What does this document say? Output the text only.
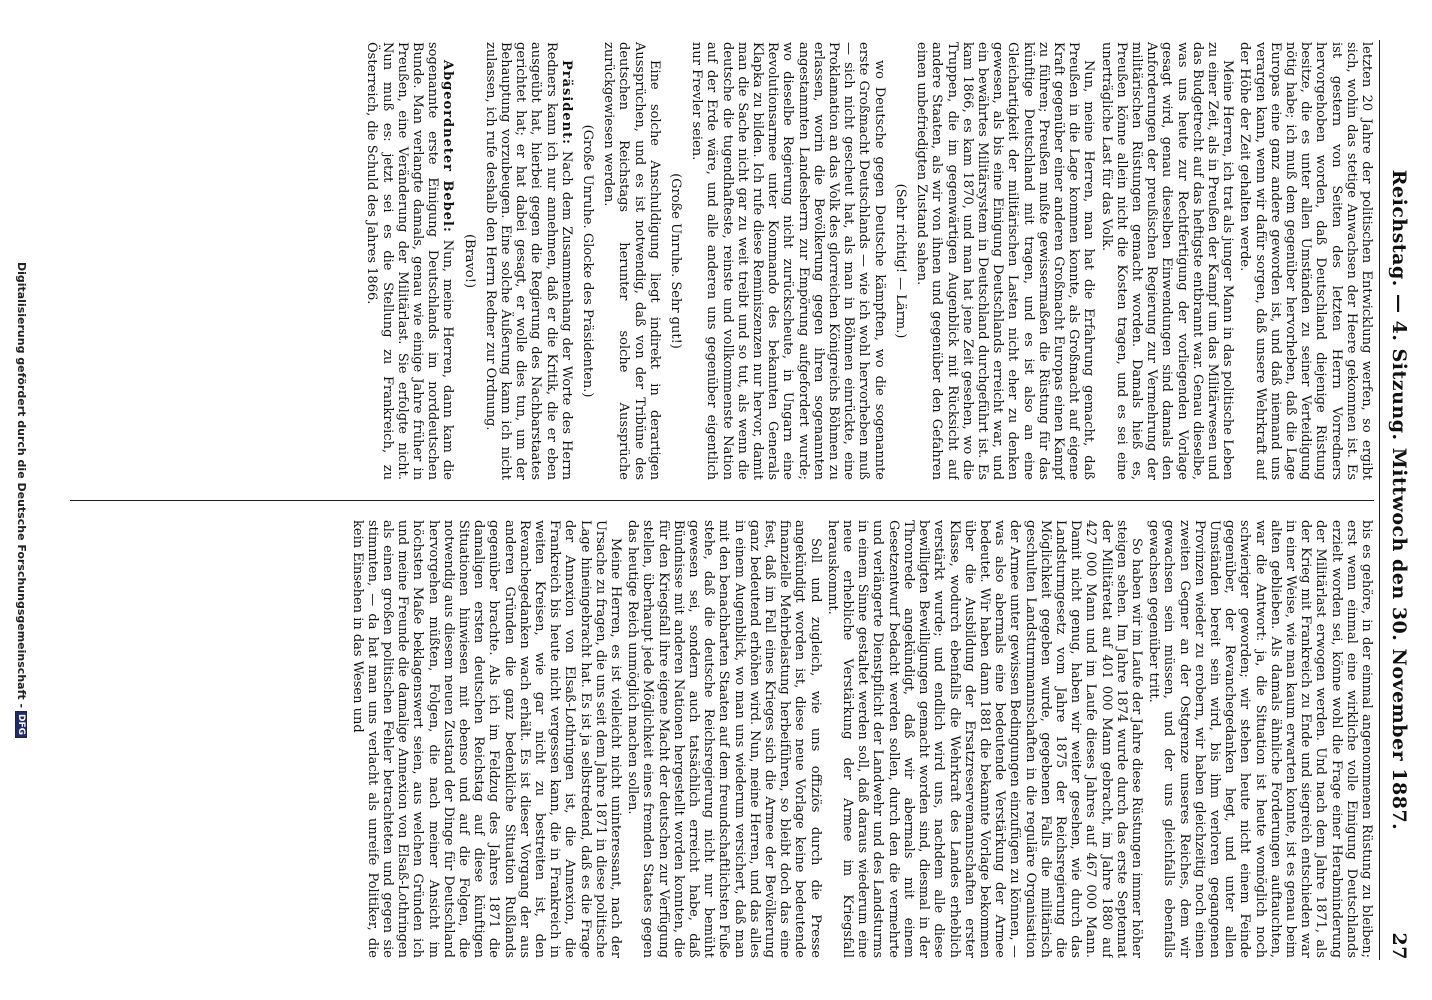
Reichstag. — 4. Sitzung. Mittwoch den 30. November 1887.
27

letzten 20 Jahre der politischen Entwicklung werfen, so ergibt sich, wohin das stetige Anwachsen der Heere gekommen ist. Es ist gestern von Seiten des letzten Herrn Vorredners hervorgehoben worden, daß Deutschland diejenige Rüstung besitze, die es unter allen Umständen zu seiner Verteidigung nötig habe; ich muß dem gegenüber hervorheben, daß die Lage Europas eine ganz andere geworden ist, und daß niemand uns verargen kann, wenn wir dafür sorgen, daß unsere Wehrkraft auf der Höhe der Zeit gehalten werde.

Meine Herren, ich trat als junger Mann in das politische Leben zu einer Zeit, als in Preußen der Kampf um das Militärwesen und das Budgetrecht auf das heftigste entbrannt war. Genau dieselbe, was uns heute zur Rechtfertigung der vorliegenden Vorlage gesagt wird, genau dieselben Einwendungen sind damals den Anforderungen der preußischen Regierung zur Vermehrung der militärischen Rüstungen gemacht worden. Damals hieß es, Preußen könne allein nicht die Kosten tragen, und es sei eine unerträgliche Last für das Volk.

Nun, meine Herren, man hat die Erfahrung gemacht, daß Preußen in die Lage kommen konnte, als Großmacht auf eigene Kraft gegenüber einer anderen Großmacht Europas einen Kampf zu führen; Preußen mußte gewissermaßen die Rüstung für das künftige Deutschland mit tragen, und es ist also an eine Gleichartigkeit der militärischen Lasten nicht eher zu denken gewesen, als bis eine Einigung Deutschlands erreicht war, und ein bewährtes Militärsystem in Deutschland durchgeführt ist. Es kam 1866, es kam 1870, und man hat jene Zeit gesehen, wo die Truppen, die im gegenwärtigen Augenblick mit Rücksicht auf andere Staaten, als wir von ihnen und gegenüber den Gefahren einen unbefriedigten Zustand sahen.

(Sehr richtig! — Lärm.)

wo Deutsche gegen Deutsche kämpften, wo die sogenannte erste Großmacht Deutschlands — wie ich wohl hervorheben muß — sich nicht gescheut hat, als man in Böhmen einrückte, eine Proklamation an das Volk des glorreichen Königreichs Böhmen zu erlassen, worin die Bevölkerung gegen ihren sogenannten angestammten Landesherrn zur Empörung aufgefordert wurde; wo dieselbe Regierung nicht zurückscheute, in Ungarn eine Revolutionsarmee unter Kommando des bekannten Generals Klapka zu bilden. Ich rufe diese Reminiszenzen nur hervor, damit man die Sache nicht gar zu weit treibt und so tut, als wenn die deutsche die tugendhafteste, reinste und vollkommenste Nation auf der Erde wäre, und alle anderen uns gegenüber eigentlich nur Frevler seien.

(Große Unruhe. Sehr gut!)

Eine solche Anschuldigung liegt indirekt in derartigen Aussprüchen, und es ist notwendig, daß von der Tribüne des deutschen Reichstags herunter solche Aussprüche zurückgewiesen werden.

(Große Unruhe. Glocke des Präsidenten.)

Präsident: Nach dem Zusammenhang der Worte des Herrn Redners kann ich nur annehmen, daß er die Kritik, die er eben ausgeübt hat, hierbei gegen die Regierung des Nachbarstaates gerichtet hat; er hat dabei gesagt, er wolle dies tun, um der Behauptung vorzubeugen. Eine solche Äußerung kann ich nicht zulassen, ich rufe deshalb den Herrn Redner zur Ordnung.

(Bravo!)

Abgeordneter Bebel: Nun, meine Herren, dann kam die sogenannte erste Einigung Deutschlands im norddeutschen Bunde. Man verlangte damals, genau wie einige Jahre früher in Preußen, eine Veränderung der Militärlast. Sie erfolgte nicht. Nun muß es: jetzt sei es die Stellung zu Frankreich, zu Österreich, die Schuld des Jahres 1866.

bis es gehöre, in der einmal angenommenen Rüstung zu bleiben; erst wenn einmal eine wirkliche volle Einigung Deutschlands erzielt worden sei, könne wohl die Frage einer Herabminderung der Militärlast erwogen werden. Und nach dem Jahre 1871, als der Krieg mit Frankreich zu Ende und siegreich entschieden war in einer Weise, wie man kaum erwarten konnte, ist es genau beim alten geblieben. Als damals ähnliche Forderungen auftauchten, war die Antwort: ja, die Situation ist heute womöglich noch schwieriger geworden; wir stehen heute nicht einem Feinde gegenüber, der Revanchegedanken hegt, und unter allen Umständen bereit sein wird, bis ihm verloren gegangenen Provinzen wieder zu erobern, wir haben gleichzeitig noch einen zweiten Gegner an der Ostgrenze unseres Reiches, dem wir gewachsen sein müssen, und der uns gleichfalls ebenfalls gewachsen gegenüber tritt.

So haben wir im Laufe der Jahre diese Rüstungen immer höher steigen sehen. Im Jahre 1874 wurde durch das erste Septennat der Militäretat auf 401 000 Mann gebracht, im Jahre 1880 auf 427 000 Mann und im Laufe dieses Jahres auf 467 000 Mann. Damit nicht genug, haben wir weiter gesehen, wie durch das Landsturmgesetz vom Jahre 1875 der Reichsregierung die Möglichkeit gegeben wurde, gegebenen Falls die militärisch geschulten Landsturmmannschaften in die reguläre Organisation der Armee unter gewissen Bedingungen einzufügen zu können, — was also abermals eine bedeutende Verstärkung der Armee bedeutet. Wir haben dann 1881 die bekannte Vorlage bekommen über die Ausbildung der Ersatzreservemannschaften erster Klasse, wodurch ebenfalls die Wehrkraft des Landes erheblich verstärkt wurde; und endlich wird uns, nachdem alle diese bewilligten Bewilligungen gemacht worden sind, diesmal in der Thronrede angekündigt, daß wir abermals mit einem Gesetzentwurf bedacht werden sollen, durch den die vermehrte und verlängerte Dienstpflicht der Landwehr und des Landsturms in einem Sinne gestaltet werden soll, daß daraus wiederum eine neue erhebliche Verstärkung der Armee im Kriegsfall herauskommt.

Soll und zugleich, wie uns offiziös durch die Presse angekündigt worden ist, diese neue Vorlage keine bedeutende finanzielle Mehrbelastung herbeiführen, so bleibt doch das eine fest, daß im Fall eines Krieges sich die Armee der Bevölkerung ganz bedeutend erhöhen wird. Nun, meine Herren, und das alles in einem Augenblick, wo man uns wiederum versichert, daß man mit den benachbarten Staaten auf dem freundschaftlichsten Fuße stehe, daß die deutsche Reichsregierung nicht nur bemüht gewesen sei, sondern auch tatsächlich erreicht habe, daß Bündnisse mit anderen Nationen hergestellt worden konnten, die für den Kriegsfall ihre eigene Macht der deutschen zur Verfügung stellen, überhaupt jede Möglichkeit eines fremden Staates gegen das heutige Reich unmöglich machen sollen.

Meine Herren, es ist vielleicht nicht uninteressant, nach der Ursache zu fragen, die uns seit dem Jahre 1871 in diese politische Lage hineingebracht hat. Es ist ja selbstredend, daß es die Frage der Annexion von Elsaß-Lothringen ist, die Annexion, die Frankreich bis heute nicht vergessen kann, die in Frankreich in weiten Kreisen, wie gar nicht zu bestreiten ist, den Revanchegedanken wach erhält. Es ist dieser Vorgang der aus anderen Gründen die ganz bedenkliche Situation Rußlands gegenüber brachte. Als ich im Feldzug des Jahres 1871 die damaligen ersten deutschen Reichstag auf diese künftigen Situationen hinwiesen mit ebenso und auf die Folgen, die notwendig aus diesem neuen Zustand der Dinge für Deutschland hervorgehen müßten, Folgen, die nach meiner Ansicht im höchsten Maße beklagenswert seien, aus welchen Gründen ich und meine Freunde die damalige Annexion von Elsaß-Lothringen als einen großen politischen Fehler betrachteten und gegen sie stimmten, — da hat man uns verlacht als unreife Politiker, die kein Einsehen in das Wesen und

Digitalisierung gefördert durch die Deutsche Forschungsgemeinschaft -DFG
